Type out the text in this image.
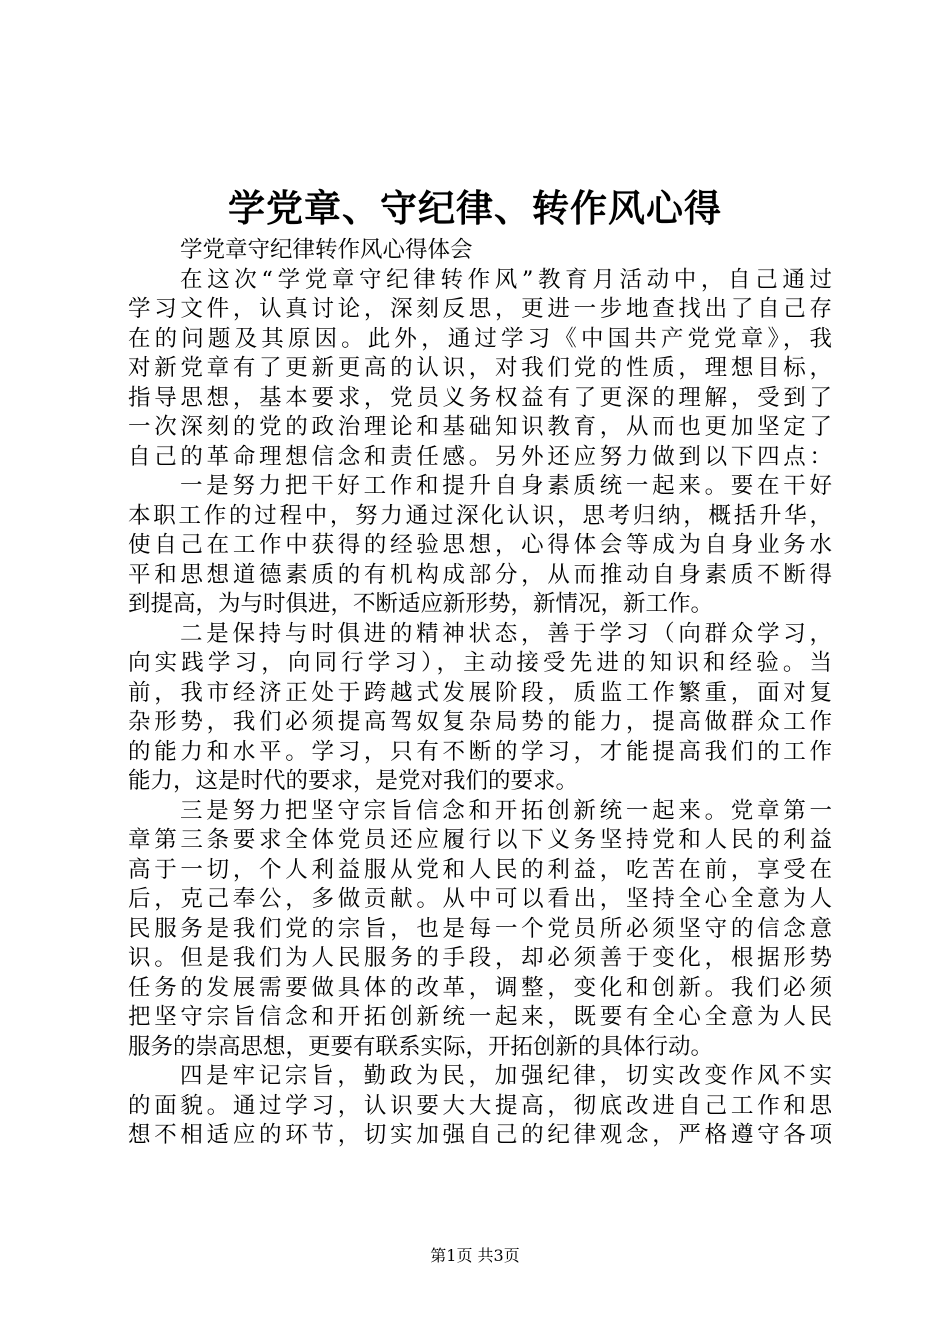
学党章、守纪律、转作风心得
学党章守纪律转作风心得体会
在这次“学党章守纪律转作风”教育月活动中，自己通过
学习文件，认真讨论，深刻反思，更进一步地查找出了自己存
在的问题及其原因。此外，通过学习《中国共产党党章》，我
对新党章有了更新更高的认识，对我们党的性质，理想目标，
指导思想，基本要求，党员义务权益有了更深的理解，受到了
一次深刻的党的政治理论和基础知识教育，从而也更加坚定了
自己的革命理想信念和责任感。另外还应努力做到以下四点：
一是努力把干好工作和提升自身素质统一起来。要在干好
本职工作的过程中，努力通过深化认识，思考归纳，概括升华，
使自己在工作中获得的经验思想，心得体会等成为自身业务水
平和思想道德素质的有机构成部分，从而推动自身素质不断得
到提高，为与时俱进，不断适应新形势，新情况，新工作。
二是保持与时俱进的精神状态，善于学习（向群众学习，
向实践学习，向同行学习），主动接受先进的知识和经验。当
前，我市经济正处于跨越式发展阶段，质监工作繁重，面对复
杂形势，我们必须提高驾奴复杂局势的能力，提高做群众工作
的能力和水平。学习，只有不断的学习，才能提高我们的工作
能力，这是时代的要求，是党对我们的要求。
三是努力把坚守宗旨信念和开拓创新统一起来。党章第一
章第三条要求全体党员还应履行以下义务坚持党和人民的利益
高于一切，个人利益服从党和人民的利益，吃苦在前，享受在
后，克己奉公，多做贡献。从中可以看出，坚持全心全意为人
民服务是我们党的宗旨，也是每一个党员所必须坚守的信念意
识。但是我们为人民服务的手段，却必须善于变化，根据形势
任务的发展需要做具体的改革，调整，变化和创新。我们必须
把坚守宗旨信念和开拓创新统一起来，既要有全心全意为人民
服务的崇高思想，更要有联系实际，开拓创新的具体行动。
四是牢记宗旨，勤政为民，加强纪律，切实改变作风不实
的面貌。通过学习，认识要大大提高，彻底改进自己工作和思
想不相适应的环节，切实加强自己的纪律观念，严格遵守各项
第1页 共3页
